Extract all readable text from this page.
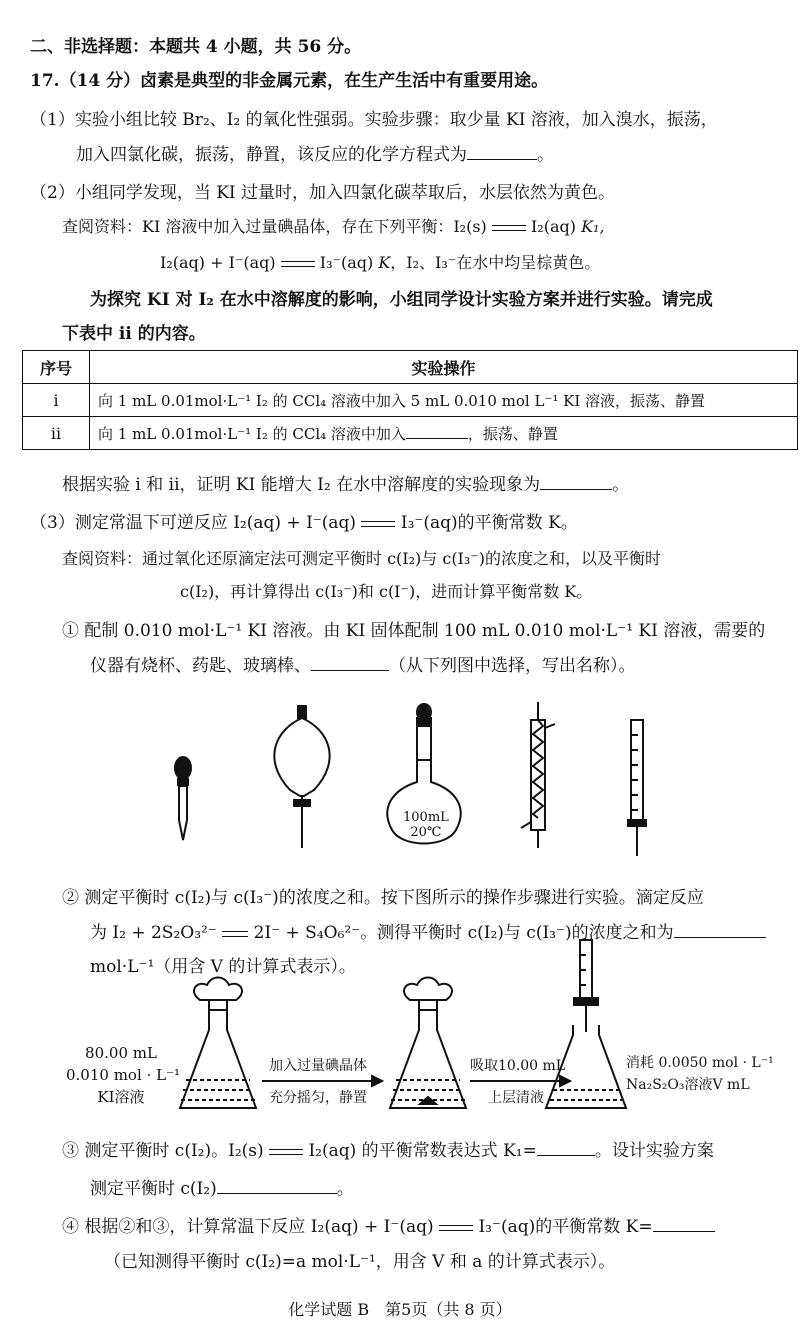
二、非选择题：本题共 4 小题，共 56 分。
17.（14 分）卤素是典型的非金属元素，在生产生活中有重要用途。
（1）实验小组比较 Br₂、I₂ 的氧化性强弱。实验步骤：取少量 KI 溶液，加入溴水，振荡，
加入四氯化碳，振荡，静置，该反应的化学方程式为	。
（2）小组同学发现，当 KI 过量时，加入四氯化碳萃取后，水层依然为黄色。
查阅资料：KI 溶液中加入过量碘晶体，存在下列平衡：I₂(s)	I₂(aq) K₁,
I₂(aq) + I⁻(aq)	I₃⁻(aq) K，I₂、I₃⁻在水中均呈棕黄色。
为探究 KI 对 I₂ 在水中溶解度的影响，小组同学设计实验方案并进行实验。请完成
下表中 ii 的内容。
序号	实验操作
i	向 1 mL 0.01mol·L⁻¹ I₂ 的 CCl₄ 溶液中加入 5 mL 0.010 mol L⁻¹ KI 溶液，振荡、静置
ii	向 1 mL 0.01mol·L⁻¹ I₂ 的 CCl₄ 溶液中加入 ，振荡、静置
根据实验 i 和 ii，证明 KI 能增大 I₂ 在水中溶解度的实验现象为	。
（3）测定常温下可逆反应 I₂(aq) + I⁻(aq)	I₃⁻(aq)的平衡常数 K。
查阅资料：通过氧化还原滴定法可测定平衡时 c(I₂)与 c(I₃⁻)的浓度之和，以及平衡时
c(I₂)，再计算得出 c(I₃⁻)和 c(I⁻)，进而计算平衡常数 K。
① 配制 0.010 mol·L⁻¹ KI 溶液。由 KI 固体配制 100 mL 0.010 mol·L⁻¹ KI 溶液，需要的
仪器有烧杯、药匙、玻璃棒、	（从下列图中选择，写出名称）。
100mL
20℃
② 测定平衡时 c(I₂)与 c(I₃⁻)的浓度之和。按下图所示的操作步骤进行实验。滴定反应
为 I₂ + 2S₂O₃²⁻ 2I⁻ + S₄O₆²⁻。测得平衡时 c(I₂)与 c(I₃⁻)的浓度之和为
mol·L⁻¹（用含 V 的计算式表示）。
80.00 mL
0.010 mol · L⁻¹
KI溶液
加入过量碘晶体
充分摇匀，静置
吸取10.00 mL
上层清液
消耗 0.0050 mol · L⁻¹
Na₂S₂O₃溶液V mL
③ 测定平衡时 c(I₂)。I₂(s)	I₂(aq) 的平衡常数表达式 K₁=	。设计实验方案
测定平衡时 c(I₂)	。
④ 根据②和③，计算常温下反应 I₂(aq) + I⁻(aq)	I₃⁻(aq)的平衡常数 K=
（已知测得平衡时 c(I₂)=a mol·L⁻¹，用含 V 和 a 的计算式表示）。
化学试题 B　第5页（共 8 页）
